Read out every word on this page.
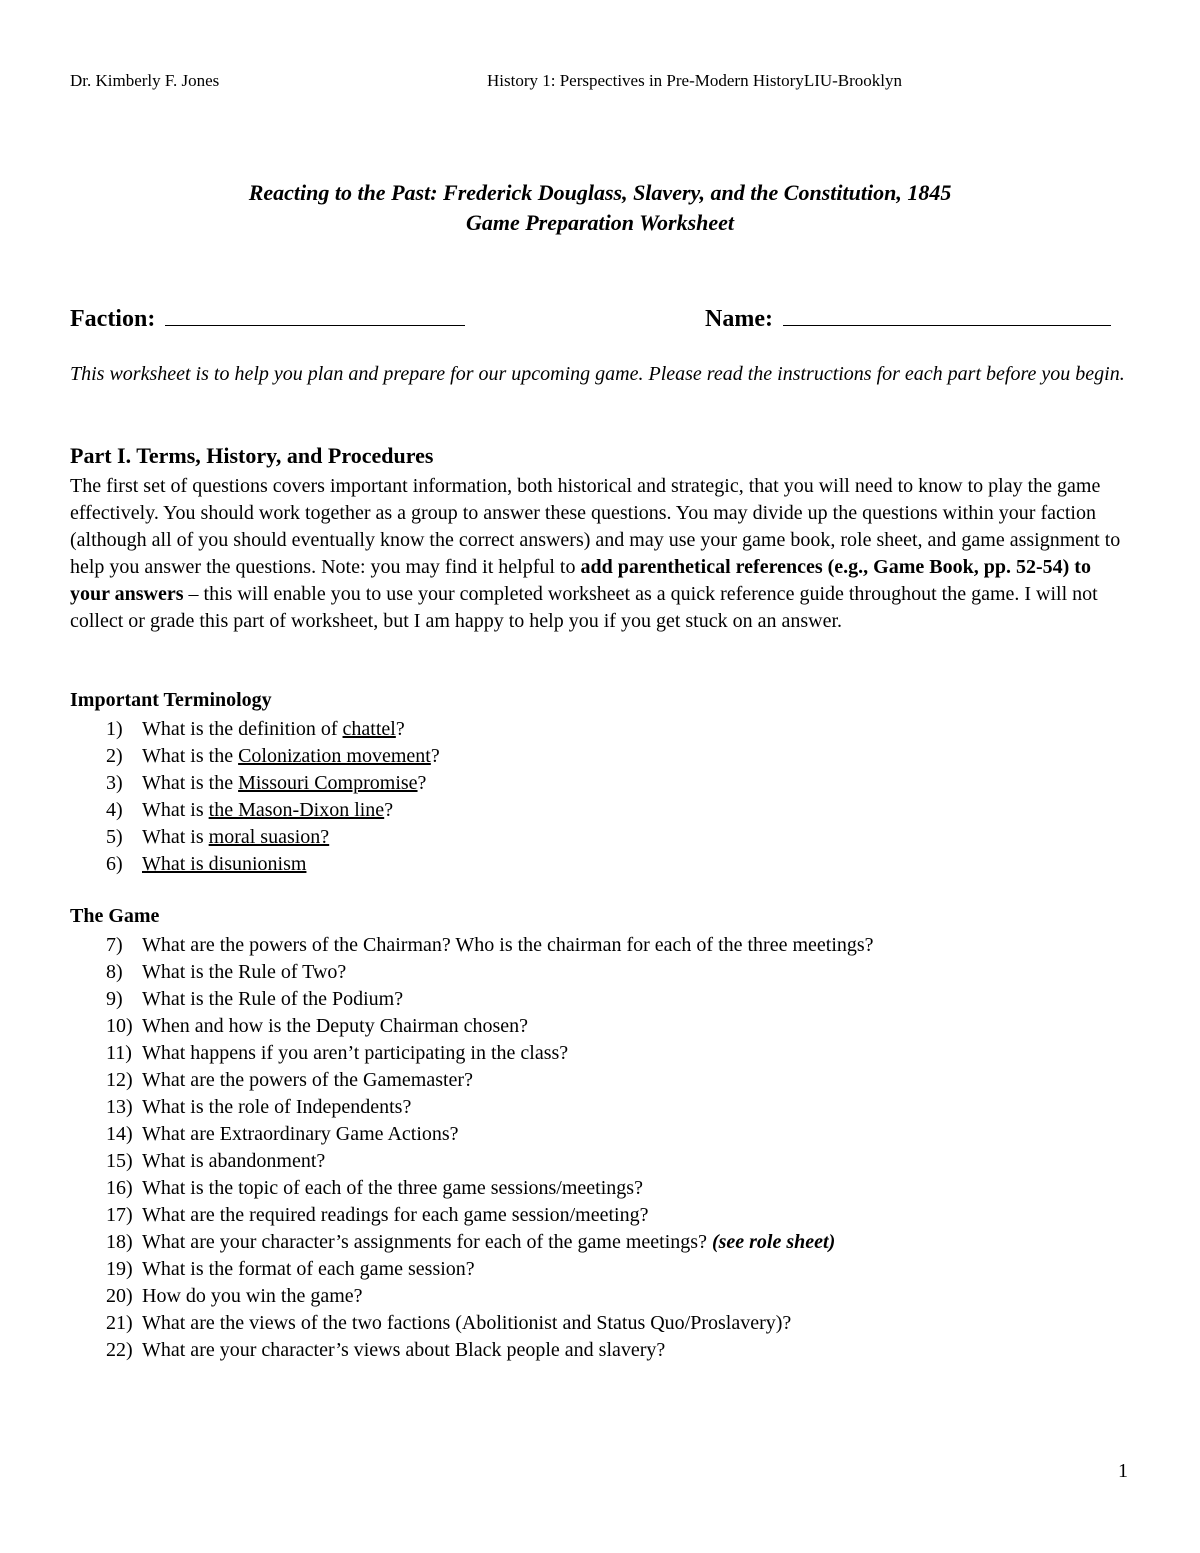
Dr. Kimberly F. Jones	History 1: Perspectives in Pre-Modern HistoryLIU-Brooklyn
Reacting to the Past: Frederick Douglass, Slavery, and the Constitution, 1845
Game Preparation Worksheet
Faction:	Name:
This worksheet is to help you plan and prepare for our upcoming game. Please read the instructions for each part before you begin.
Part I. Terms, History, and Procedures
The first set of questions covers important information, both historical and strategic, that you will need to know to play the game effectively. You should work together as a group to answer these questions. You may divide up the questions within your faction (although all of you should eventually know the correct answers) and may use your game book, role sheet, and game assignment to help you answer the questions. Note: you may find it helpful to add parenthetical references (e.g., Game Book, pp. 52-54) to your answers – this will enable you to use your completed worksheet as a quick reference guide throughout the game. I will not collect or grade this part of worksheet, but I am happy to help you if you get stuck on an answer.
Important Terminology
1) What is the definition of chattel?
2) What is the Colonization movement?
3) What is the Missouri Compromise?
4) What is the Mason-Dixon line?
5) What is moral suasion?
6) What is disunionism
The Game
7) What are the powers of the Chairman? Who is the chairman for each of the three meetings?
8) What is the Rule of Two?
9) What is the Rule of the Podium?
10) When and how is the Deputy Chairman chosen?
11) What happens if you aren’t participating in the class?
12) What are the powers of the Gamemaster?
13) What is the role of Independents?
14) What are Extraordinary Game Actions?
15) What is abandonment?
16) What is the topic of each of the three game sessions/meetings?
17) What are the required readings for each game session/meeting?
18) What are your character’s assignments for each of the game meetings? (see role sheet)
19) What is the format of each game session?
20) How do you win the game?
21) What are the views of the two factions (Abolitionist and Status Quo/Proslavery)?
22) What are your character’s views about Black people and slavery?
1
